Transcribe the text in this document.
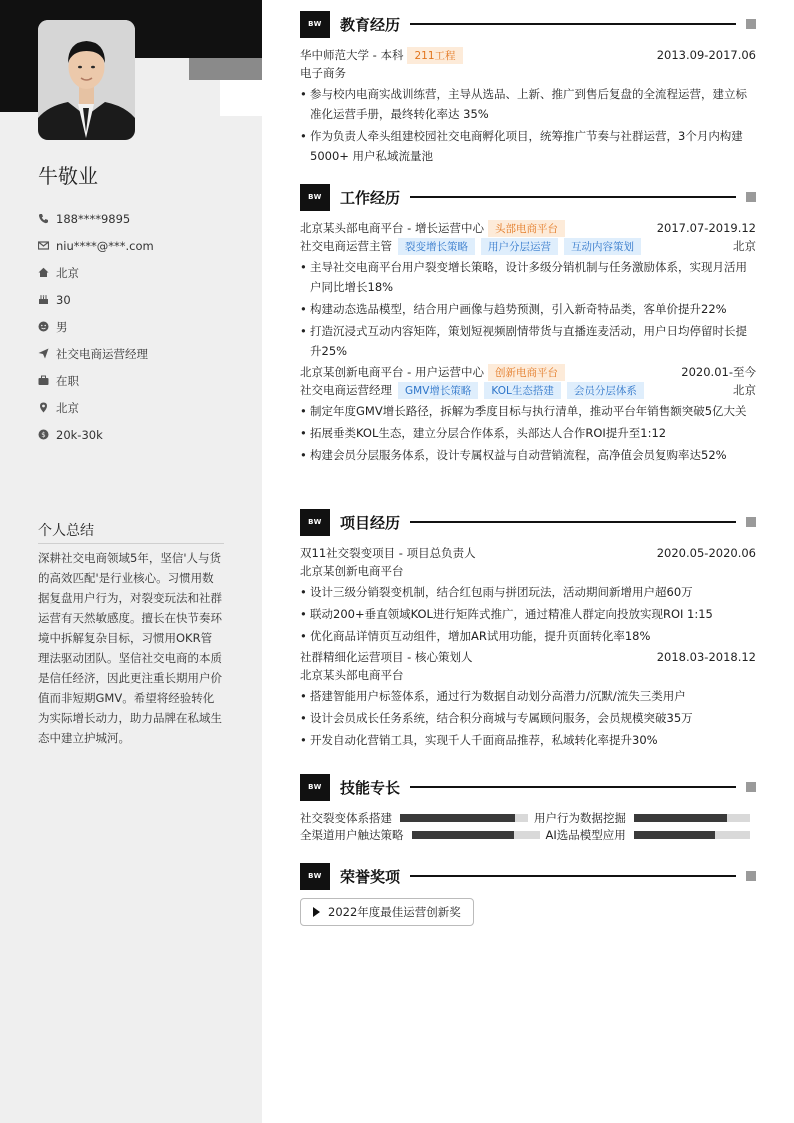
牛敬业
188****9895
niu****@***.com
北京
30
男
社交电商运营经理
在职
北京
$ 20k-30k
个人总结
深耕社交电商领域5年，坚信'人与货的高效匹配'是行业核心。习惯用数据复盘用户行为，对裂变玩法和社群运营有天然敏感度。擅长在快节奏环境中拆解复杂目标，习惯用OKR管理法驱动团队。坚信社交电商的本质是信任经济，因此更注重长期用户价值而非短期GMV。希望将经验转化为实际增长动力，助力品牌在私域生态中建立护城河。
BW	教育经历
华中师范大学 - 本科	211工程	2013.09-2017.06
电子商务
• 参与校内电商实战训练营，主导从选品、上新、推广到售后复盘的全流程运营，建立标准化运营手册，最终转化率达 35%
• 作为负责人牵头组建校园社交电商孵化项目，统筹推广节奏与社群运营，3个月内构建 5000+ 用户私域流量池
BW	工作经历
北京某头部电商平台 - 增长运营中心	头部电商平台	2017.07-2019.12
社交电商运营主管	裂变增长策略	用户分层运营	互动内容策划	北京
• 主导社交电商平台用户裂变增长策略，设计多级分销机制与任务激励体系，实现月活用户同比增长18%
• 构建动态选品模型，结合用户画像与趋势预测，引入新奇特品类，客单价提升22%
• 打造沉浸式互动内容矩阵，策划短视频剧情带货与直播连麦活动，用户日均停留时长提升25%
北京某创新电商平台 - 用户运营中心	创新电商平台	2020.01-至今
社交电商运营经理	GMV增长策略	KOL生态搭建	会员分层体系	北京
• 制定年度GMV增长路径，拆解为季度目标与执行清单，推动平台年销售额突破5亿大关
• 拓展垂类KOL生态，建立分层合作体系，头部达人合作ROI提升至1:12
• 构建会员分层服务体系，设计专属权益与自动营销流程，高净值会员复购率达52%
BW	项目经历
双11社交裂变项目 - 项目总负责人	2020.05-2020.06
北京某创新电商平台
• 设计三级分销裂变机制，结合红包雨与拼团玩法，活动期间新增用户超60万
• 联动200+垂直领域KOL进行矩阵式推广，通过精准人群定向投放实现ROI 1:15
• 优化商品详情页互动组件，增加AR试用功能，提升页面转化率18%
社群精细化运营项目 - 核心策划人	2018.03-2018.12
北京某头部电商平台
• 搭建智能用户标签体系，通过行为数据自动划分高潜力/沉默/流失三类用户
• 设计会员成长任务系统，结合积分商城与专属顾问服务，会员规模突破35万
• 开发自动化营销工具，实现千人千面商品推荐，私域转化率提升30%
BW	技能专长
社交裂变体系搭建	用户行为数据挖掘
全渠道用户触达策略	AI选品模型应用
BW	荣誉奖项
2022年度最佳运营创新奖
